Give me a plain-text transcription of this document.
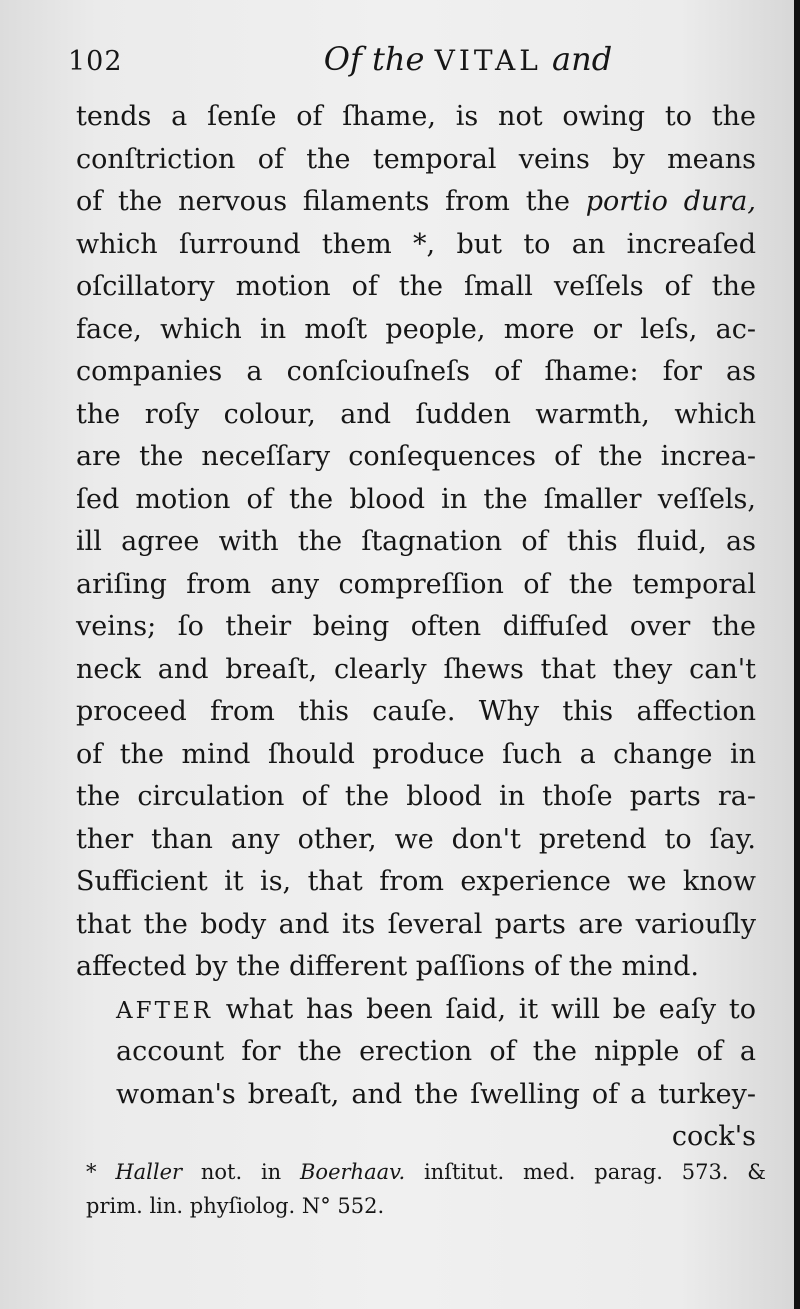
102	Of the VITAL and
tends a ſenſe of ſhame, is not owing to the
conſtriction of the temporal veins by means
of the nervous filaments from the portio dura,
which ſurround them *, but to an increaſed
oſcillatory motion of the ſmall veſſels of the
face, which in moſt people, more or leſs, ac-
companies a conſciouſneſs of ſhame: for as
the roſy colour, and ſudden warmth, which
are the neceſſary conſequences of the increa-
ſed motion of the blood in the ſmaller veſſels,
ill agree with the ſtagnation of this fluid, as
ariſing from any compreſſion of the temporal
veins; ſo their being often diffuſed over the
neck and breaſt, clearly ſhews that they can't
proceed from this cauſe. Why this affection
of the mind ſhould produce ſuch a change in
the circulation of the blood in thoſe parts ra-
ther than any other, we don't pretend to ſay.
Sufficient it is, that from experience we know
that the body and its ſeveral parts are variouſly
affected by the different paſſions of the mind.
AFTER what has been ſaid, it will be eaſy to
account for the erection of the nipple of a
woman's breaſt, and the ſwelling of a turkey-
cock's
* Haller not. in Boerhaav. inſtitut. med. parag. 573. &
prim. lin. phyſiolog. N° 552.
